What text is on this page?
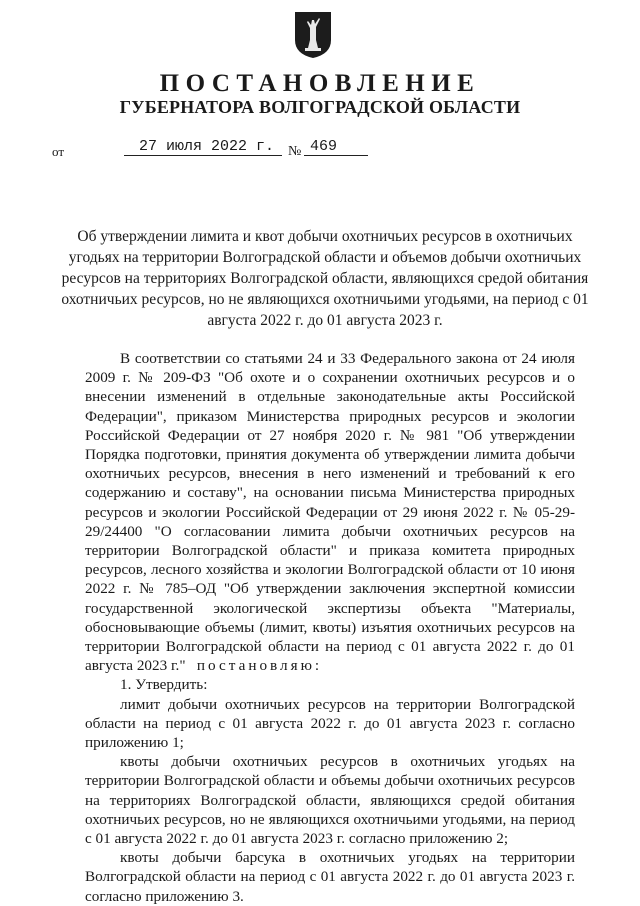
ПОСТАНОВЛЕНИЕ
ГУБЕРНАТОРА ВОЛГОГРАДСКОЙ ОБЛАСТИ
от	27 июля 2022 г. № 469
Об утверждении лимита и квот добычи охотничьих ресурсов в охотничьих угодьях на территории Волгоградской области и объемов добычи охотничьих ресурсов на территориях Волгоградской области, являющихся средой обитания охотничьих ресурсов, но не являющихся охотничьими угодьями, на период с 01 августа 2022 г. до 01 августа 2023 г.

В соответствии со статьями 24 и 33 Федерального закона от 24 июля 2009 г. № 209-ФЗ "Об охоте и о сохранении охотничьих ресурсов и о внесении изменений в отдельные законодательные акты Российской Федерации", приказом Министерства природных ресурсов и экологии Российской Федерации от 27 ноября 2020 г. № 981 "Об утверждении Порядка подготовки, принятия документа об утверждении лимита добычи охотничьих ресурсов, внесения в него изменений и требований к его содержанию и составу", на основании письма Министерства природных ресурсов и экологии Российской Федерации от 29 июня 2022 г. № 05-29-29/24400 "О согласовании лимита добычи охотничьих ресурсов на территории Волгоградской области" и приказа комитета природных ресурсов, лесного хозяйства и экологии Волгоградской области от 10 июня 2022 г. № 785–ОД "Об утверждении заключения экспертной комиссии государственной экологической экспертизы объекта "Материалы, обосновывающие объемы (лимит, квоты) изъятия охотничьих ресурсов на территории Волгоградской области на период с 01 августа 2022 г. до 01 августа 2023 г." постановляю:

1. Утвердить:

лимит добычи охотничьих ресурсов на территории Волгоградской области на период с 01 августа 2022 г. до 01 августа 2023 г. согласно приложению 1;

квоты добычи охотничьих ресурсов в охотничьих угодьях на территории Волгоградской области и объемы добычи охотничьих ресурсов на территориях Волгоградской области, являющихся средой обитания охотничьих ресурсов, но не являющихся охотничьими угодьями, на период с 01 августа 2022 г. до 01 августа 2023 г. согласно приложению 2;

квоты добычи барсука в охотничьих угодьях на территории Волгоградской области на период с 01 августа 2022 г. до 01 августа 2023 г. согласно приложению 3.
